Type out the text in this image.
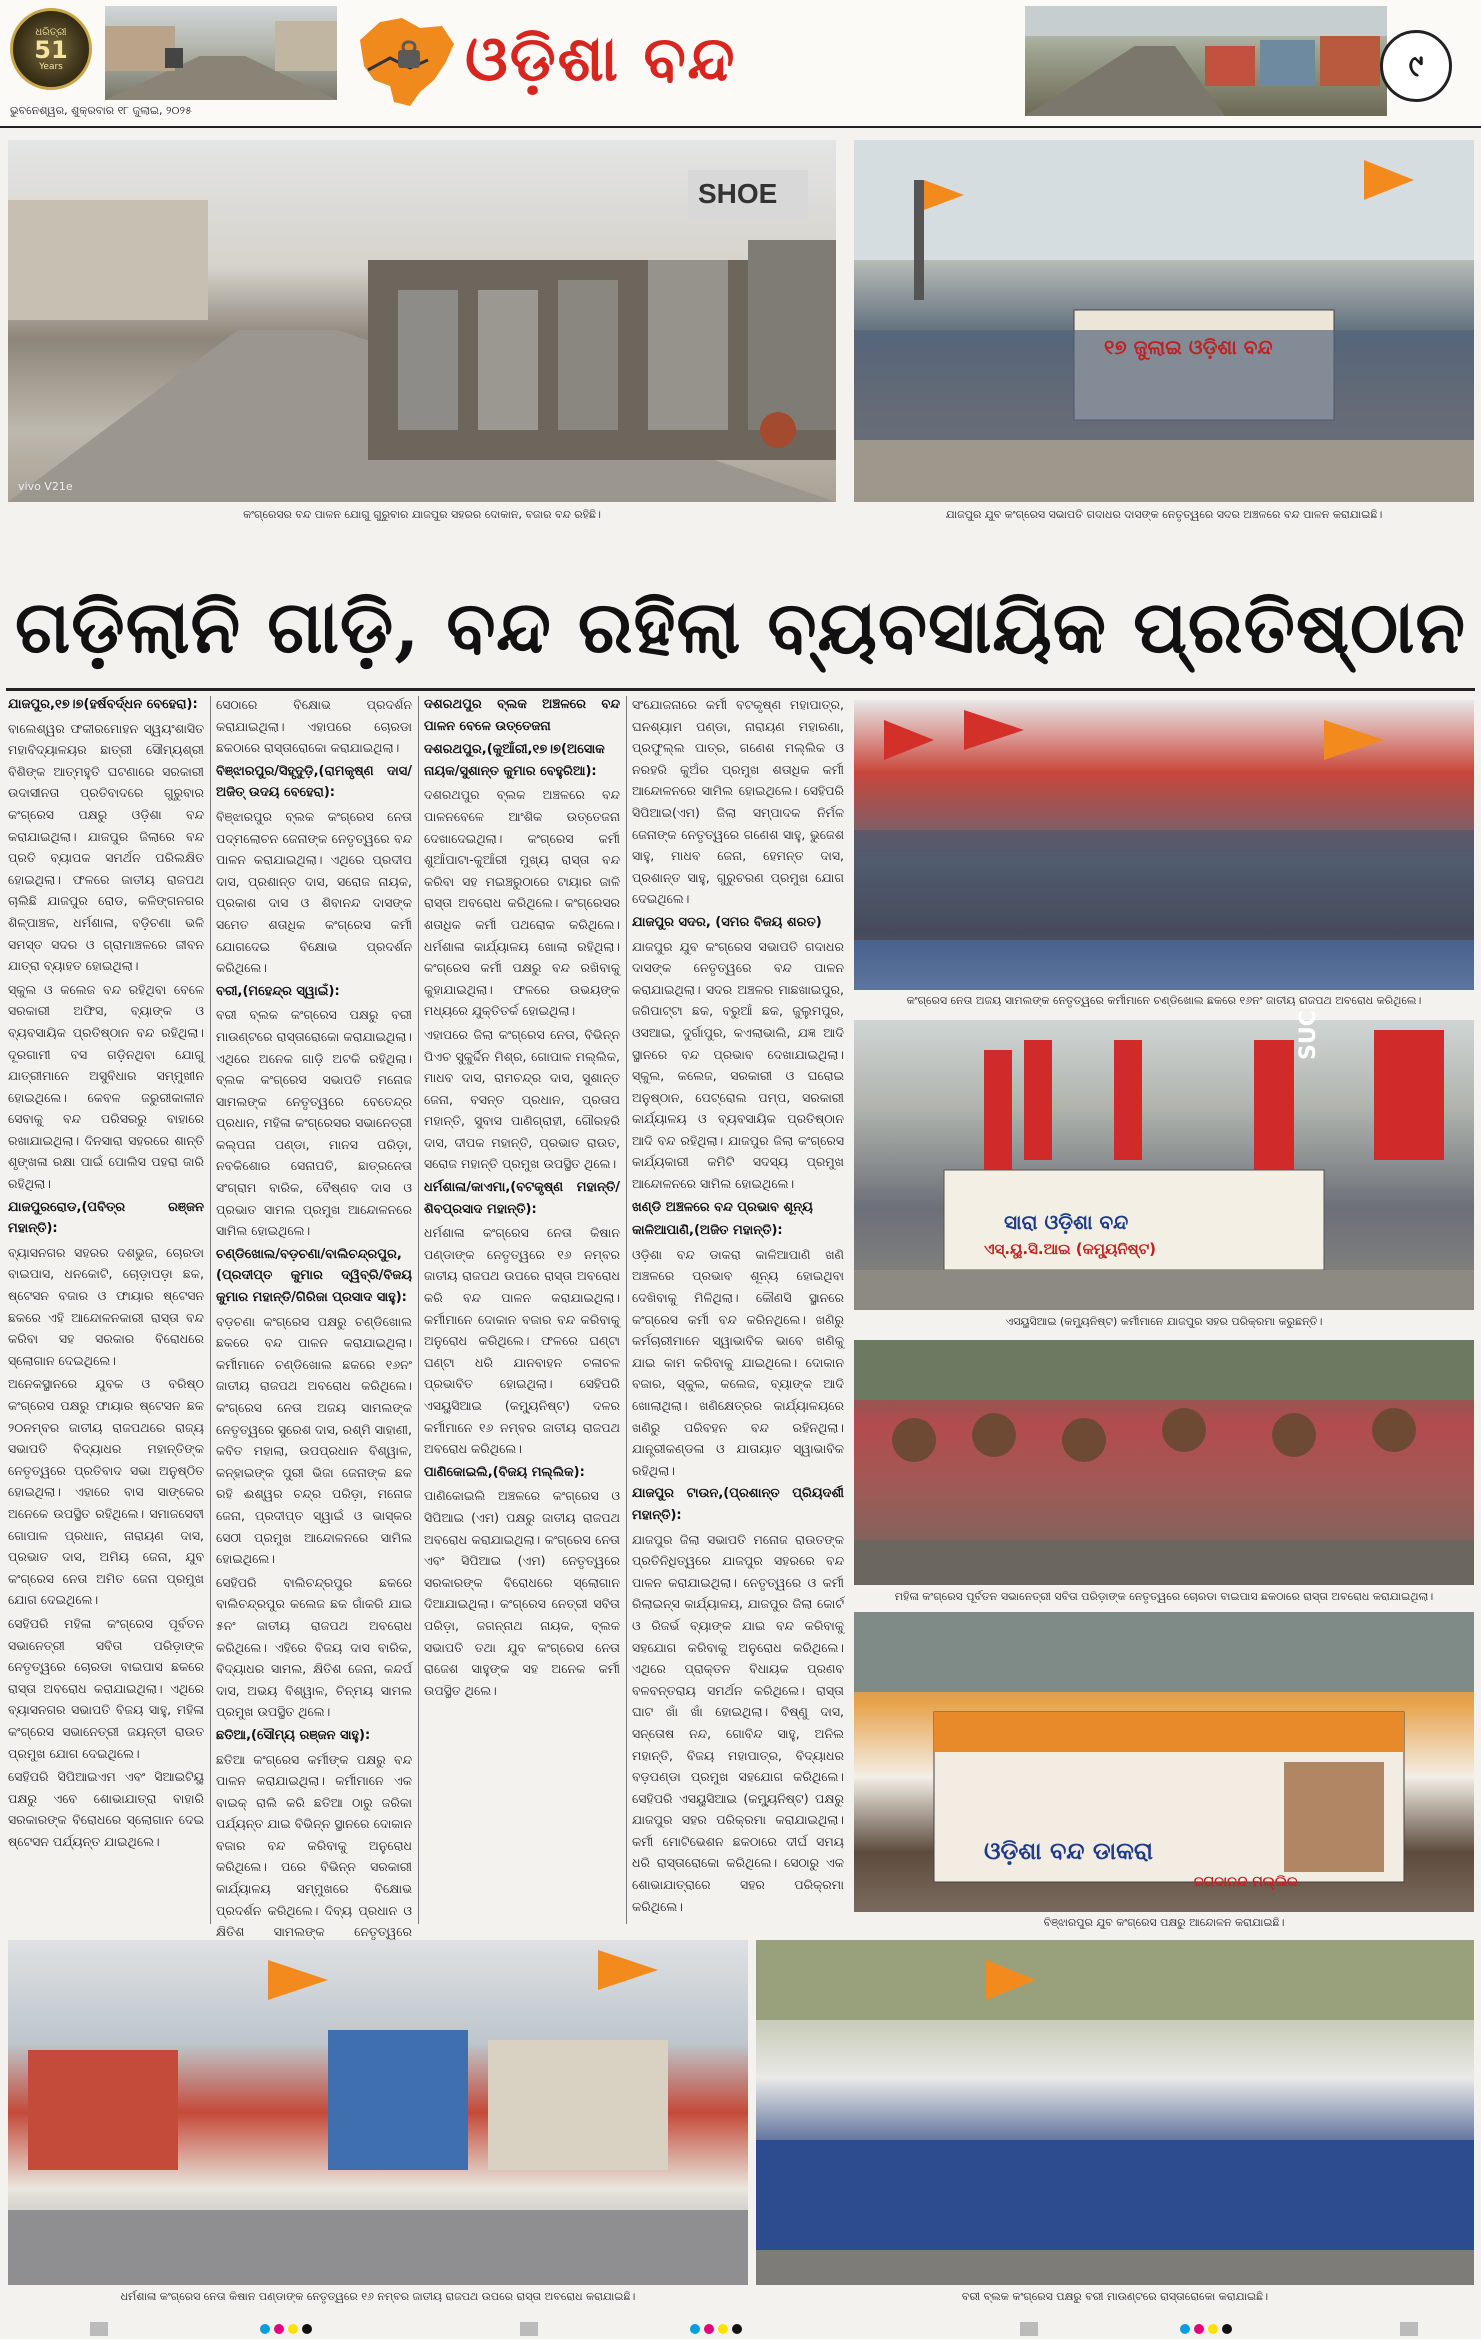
ଧରିତ୍ରୀ
51
Years
ଭୁବନେଶ୍ୱର, ଶୁକ୍ରବାର ୧୮ ଜୁଲାଇ, ୨୦୨୫
ଓଡ଼ିଶା ବନ୍ଦ	୯
SHOE
vivo V21e
କଂଗ୍ରେସର ବନ୍ଦ ପାଳନ ଯୋଗୁ ଗୁରୁବାର ଯାଜପୁର ସହରର ଦୋକାନ, ବଜାର ବନ୍ଦ ରହିଛି।
୧୭ ଜୁଲାଇ ଓଡ଼ିଶା ବନ୍ଦ
ଯାଜପୁର ଯୁବ କଂଗ୍ରେସ ସଭାପତି ଗଦାଧର ଦାସଙ୍କ ନେତୃତ୍ୱରେ ସଦର ଅଞ୍ଚଳରେ ବନ୍ଦ ପାଳନ କରାଯାଇଛି।
ଗଡ଼ିଲାନି ଗାଡ଼ି, ବନ୍ଦ ରହିଲା ବ୍ୟବସାୟିକ ପ୍ରତିଷ୍ଠାନ

ଯାଜପୁର,୧୭।୭(ହର୍ଷବର୍ଦ୍ଧନ ବେହେରା):

ବାଲେଶ୍ୱର ଫକୀରମୋହନ ସ୍ୱୟଂଶାସିତ ମହାବିଦ୍ୟାଳୟର ଛାତ୍ରୀ ସୌମ୍ୟଶ୍ରୀ ବିଶିଙ୍କ ଆତ୍ମହୁତି ଘଟଣାରେ ସରକାରୀ ଉଦାସୀନତା ପ୍ରତିବାଦରେ ଗୁରୁବାର କଂଗ୍ରେସ ପକ୍ଷରୁ ଓଡ଼ିଶା ବନ୍ଦ କରାଯାଇଥିଲା। ଯାଜପୁର ଜିଲାରେ ବନ୍ଦ ପ୍ରତି ବ୍ୟାପକ ସମର୍ଥନ ପରିଲକ୍ଷିତ ହୋଇଥିଲା। ଫଳରେ ଜାତୀୟ ରାଜପଥ ଚାଲିଛି ଯାଜପୁର ରୋଡ, କଳିଙ୍ଗନଗର ଶିଳ୍ପାଞ୍ଚଳ, ଧର୍ମଶାଳା, ବଡ଼ିଚଣା ଭଳି ସମସ୍ତ ସଦର ଓ ଗ୍ରାମାଞ୍ଚଳରେ ଜୀବନ ଯାତ୍ରା ବ୍ୟାହତ ହୋଇଥିଲା।

ସ୍କୁଲ ଓ କଲେଜ ବନ୍ଦ ରହିଥିବା ବେଳେ ସରକାରୀ ଅଫିସ, ବ୍ୟାଙ୍କ ଓ ବ୍ୟବସାୟିକ ପ୍ରତିଷ୍ଠାନ ବନ୍ଦ ରହିଥିଲା। ଦୂରଗାମୀ ବସ ଗଡ଼ିନଥିବା ଯୋଗୁ ଯାତ୍ରୀମାନେ ଅସୁବିଧାର ସମ୍ମୁଖୀନ ହୋଇଥିଲେ। କେବଳ ଜରୁରୀକାଳୀନ ସେବାକୁ ବନ୍ଦ ପରିସରରୁ ବାହାରେ ରଖାଯାଇଥିଲା। ଦିନସାରା ସହରରେ ଶାନ୍ତି ଶୃଙ୍ଖଳା ରକ୍ଷା ପାଇଁ ପୋଲିସ ପହରା ଜାରି ରହିଥିଲା।

ଯାଜପୁରରୋଡ,(ପବିତ୍ର ରଞ୍ଜନ ମହାନ୍ତି):

ବ୍ୟାସନଗର ସହରର ଦଶଭୁଜ, ଚୋରଡା ବାଇପାସ, ଧନକୋଟି, ଚୋଡ଼ାପଡ଼ା ଛକ, ଷ୍ଟେସନ ବଜାର ଓ ଫାୟାର ଷ୍ଟେସନ ଛକରେ ଏହି ଆନ୍ଦୋଳନକାରୀ ରାସ୍ତା ବନ୍ଦ କରିବା ସହ ସରକାର ବିରୋଧରେ ସ୍ଲୋଗାନ ଦେଇଥିଲେ।

ଅନେକସ୍ଥାନରେ ଯୁବକ ଓ ବରିଷ୍ଠ କଂଗ୍ରେସ ପକ୍ଷରୁ ଫାୟାର ଷ୍ଟେସନ ଛକ ୨୦ନମ୍ବର ଜାତୀୟ ରାଜପଥରେ ରାଜ୍ୟ ସଭାପତି ବିଦ୍ୟାଧର ମହାନ୍ତିଙ୍କ ନେତୃତ୍ୱରେ ପ୍ରତିବାଦ ସଭା ଅନୁଷ୍ଠିତ ହୋଇଥିଲା। ଏହାରେ ବାସ ସାଙ୍କେର ଅନେକେ ଉପସ୍ଥିତ ରହିଥିଲେ। ସମାଜସେବୀ ଗୋପାଳ ପ୍ରଧାନ, ନାରାୟଣ ଦାସ, ପ୍ରଭାତ ଦାସ, ଅମିୟ ଜେନା, ଯୁବ କଂଗ୍ରେସ ନେତା ଅମିତ ଜେନା ପ୍ରମୁଖ ଯୋଗ ଦେଇଥିଲେ।

ସେହିପରି ମହିଳା କଂଗ୍ରେସ ପୂର୍ବତନ ସଭାନେତ୍ରୀ ସବିତା ପରିଡ଼ାଙ୍କ ନେତୃତ୍ୱରେ ଚୋରଡା ବାଇପାସ ଛକରେ ରାସ୍ତା ଅବରୋଧ କରାଯାଇଥିଲା। ଏଥିରେ ବ୍ୟାସନଗର ସଭାପତି ବିଜୟ ସାହୁ, ମହିଳା କଂଗ୍ରେସ ସଭାନେତ୍ରୀ ଜୟନ୍ତୀ ରାଉତ ପ୍ରମୁଖ ଯୋଗ ଦେଇଥିଲେ।

ସେହିପରି ସିପିଆଇଏମ ଏବଂ ସିଆଇଟିୟୁ ପକ୍ଷରୁ ଏବେ ଶୋଭାଯାତ୍ରା ବାହାରି ସରକାରଙ୍କ ବିରୋଧରେ ସ୍ଲୋଗାନ ଦେଇ ଷ୍ଟେସନ ପର୍ଯ୍ୟନ୍ତ ଯାଇଥିଲେ।

ସେଠାରେ ବିକ୍ଷୋଭ ପ୍ରଦର୍ଶନ କରାଯାଇଥିଲା। ଏହାପରେ ଚୋରଡା ଛକଠାରେ ରାସ୍ତାରୋକୋ କରାଯାଇଥିଲା।

ବିଞ୍ଝାରପୁର/ସିହୃଦୁଡ଼ି,(ରାମକୃଷ୍ଣ ଦାସ/ଅଜିତ୍ ଉଦୟ ବେହେରା):

ବିଞ୍ଝାରପୁର ବ୍ଲକ କଂଗ୍ରେସ ନେତା ପଦ୍ମଲୋଚନ ଜେନାଙ୍କ ନେତୃତ୍ୱରେ ବନ୍ଦ ପାଳନ କରାଯାଇଥିଲା। ଏଥିରେ ପ୍ରଦୀପ ଦାସ, ପ୍ରଶାନ୍ତ ଦାସ, ସରୋଜ ନାୟକ, ପ୍ରକାଶ ଦାସ ଓ ଶିବାନନ୍ଦ ଦାସଙ୍କ ସମେତ ଶତାଧିକ କଂଗ୍ରେସ କର୍ମୀ ଯୋଗଦେଇ ବିକ୍ଷୋଭ ପ୍ରଦର୍ଶନ କରିଥିଲେ।

ବରୀ,(ମହେନ୍ଦ୍ର ସ୍ୱାଇଁ):

ବରୀ ବ୍ଲକ କଂଗ୍ରେସ ପକ୍ଷରୁ ବରୀ ମାଉଣ୍ଟରେ ରାସ୍ତାରୋକୋ କରାଯାଇଥିଲା। ଏଥିରେ ଅନେକ ଗାଡ଼ି ଅଟକି ରହିଥିଲା। ବ୍ଲକ କଂଗ୍ରେସ ସଭାପତି ମନୋଜ ସାମଲଙ୍କ ନେତୃତ୍ୱରେ ବେତେନ୍ଦ୍ର ପ୍ରଧାନ, ମହିଳା କଂଗ୍ରେସର ସଭାନେତ୍ରୀ କଲ୍ପନା ପଣ୍ଡା, ମାନସ ପରିଡ଼ା, ନବକିଶୋର ସେନାପତି, ଛାତ୍ରନେତା ସଂଗ୍ରାମ ବାରିକ, ବୈଷ୍ଣବ ଦାସ ଓ ପ୍ରଭାତ ସାମଲ ପ୍ରମୁଖ ଆନ୍ଦୋଳନରେ ସାମିଲ ହୋଇଥିଲେ।

ଚଣ୍ଡିଖୋଲ/ବଡ଼ଚଣା/ବାଲିଚନ୍ଦ୍ରପୁର,(ପ୍ରଦୀପ୍ତ କୁମାର ଦ୍ୱିବ୍ରି/ବିଜୟ କୁମାର ମହାନ୍ତି/ଗିରିଜା ପ୍ରସାଦ ସାହୁ):

ବଡ଼ଚଣା କଂଗ୍ରେସ ପକ୍ଷରୁ ଚଣ୍ଡିଖୋଲ ଛକରେ ବନ୍ଦ ପାଳନ କରାଯାଇଥିଲା। କର୍ମୀମାନେ ଚଣ୍ଡିଖୋଲ ଛକରେ ୧୬ନଂ ଜାତୀୟ ରାଜପଥ ଅବରୋଧ କରିଥିଲେ। କଂଗ୍ରେସ ନେତା ଅଜୟ ସାମଲଙ୍କ ନେତୃତ୍ୱରେ ସୁରେଶ ଦାସ, ରଶ୍ମି ସାହାଣୀ, କବିତ ମହାଲା, ଉପପ୍ରଧାନ ବିଶ୍ୱାଳ, କନ୍ହାଇଙ୍କ ପୁରୀ ଭିଜା ଜେନାଙ୍କ ଛକ ରହି ଈଶ୍ୱର ଚନ୍ଦ୍ର ପରିଡ଼ା, ମନୋଜ ଜେନା, ପ୍ରଦୀପ୍ତ ସ୍ୱାଇଁ ଓ ଭାସ୍କର ସେଠୀ ପ୍ରମୁଖ ଆନ୍ଦୋଳନରେ ସାମିଲ ହୋଇଥିଲେ।

ସେହିପରି ବାଲିଚନ୍ଦ୍ରପୁର ଛକରେ ବାଲିଚନ୍ଦ୍ରପୁର କଲେଜ ଛକ ଗାଁକରି ଯାଇ ୫ନଂ ଜାତୀୟ ରାଜପଥ ଅବରୋଧ କରିଥିଲେ। ଏହିରେ ବିଜୟ ଦାସ ବାରିକ, ବିଦ୍ୟାଧର ସାମଲ, କ୍ଷିତିଶ ଜେନା, କନ୍ଦର୍ପ ଦାସ, ଅଭୟ ବିଶ୍ୱାଳ, ଚିନ୍ମୟ ସାମଲ ପ୍ରମୁଖ ଉପସ୍ଥିତ ଥିଲେ।

ଛତିଆ,(ସୌମ୍ୟ ରଞ୍ଜନ ସାହୁ):

ଛତିଆ କଂଗ୍ରେସ କର୍ମୀଙ୍କ ପକ୍ଷରୁ ବନ୍ଦ ପାଳନ କରାଯାଇଥିଲା। କର୍ମୀମାନେ ଏକ ବାଇକ୍ ରାଲି କରି ଛତିଆ ଠାରୁ ଜରିକା ପର୍ଯ୍ୟନ୍ତ ଯାଇ ବିଭିନ୍ନ ସ୍ଥାନରେ ଦୋକାନ ବଜାର ବନ୍ଦ କରିବାକୁ ଅନୁରୋଧ କରିଥିଲେ। ପରେ ବିଭିନ୍ନ ସରକାରୀ କାର୍ଯ୍ୟାଳୟ ସମ୍ମୁଖରେ ବିକ୍ଷୋଭ ପ୍ରଦର୍ଶନ କରିଥିଲେ। ଦିବ୍ୟ ପ୍ରଧାନ ଓ କ୍ଷିତିଶ ସାମଲଙ୍କ ନେତୃତ୍ୱରେ

ଦଶରଥପୁର ବ୍ଲକ ଅଞ୍ଚଳରେ ବନ୍ଦ ପାଳନ ବେଳେ ଉତ୍ତେଜନା

ଦଶରଥପୁର,(କୁଆଁରୀ,୧୭।୭(ଅସୋକ ନାୟକ/ସୁଶାନ୍ତ କୁମାର ବେହୁରିଆ):

ଦଶରଥପୁର ବ୍ଲକ ଅଞ୍ଚଳରେ ବନ୍ଦ ପାଳନବେଳେ ଆଂଶିକ ଉତ୍ତେଜନା ଦେଖାଦେଇଥିଲା। କଂଗ୍ରେସ କର୍ମୀ ଶୁଆଁପାଟା-କୁଆଁରୀ ମୁଖ୍ୟ ରାସ୍ତା ବନ୍ଦ କରିବା ସହ ମଇଞ୍ଚରୁଠାରେ ଟାୟାର ଜାଳି ରାସ୍ତା ଅବରୋଧ କରିଥିଲେ। କଂଗ୍ରେସର ଶତାଧିକ କର୍ମୀ ପଥରୋକ କରିଥିଲେ। ଧର୍ମଶାଳା କାର୍ଯ୍ୟାଳୟ ଖୋଲା ରହିଥିଲା। କଂଗ୍ରେସ କର୍ମୀ ପକ୍ଷରୁ ବନ୍ଦ ରଖିବାକୁ କୁହାଯାଇଥିଲା। ଫଳରେ ଉଭୟଙ୍କ ମଧ୍ୟରେ ଯୁକ୍ତିତର୍କ ହୋଇଥିଲା।

ଏହାପରେ ଜିଲା କଂଗ୍ରେସ ନେତା, ବିଭିନ୍ନ ପିଏଚ ସୁକୁର୍ଦ୍ଦିନ ମିଶ୍ର, ଗୋପାଳ ମଲ୍ଲିକ, ମାଧବ ଦାସ, ରାମଚନ୍ଦ୍ର ଦାସ, ସୁଶାନ୍ତ ଜେନା, ବସନ୍ତ ପ୍ରଧାନ, ପ୍ରତାପ ମହାନ୍ତି, ସୁବାସ ପାଣିଗ୍ରାହୀ, ଗୌରହରି ଦାସ, ଦୀପକ ମହାନ୍ତି, ପ୍ରଭାତ ରାଉତ, ସରୋଜ ମହାନ୍ତି ପ୍ରମୁଖ ଉପସ୍ଥିତ ଥିଲେ।

ଧର୍ମଶାଳା/କାଏମା,(ବଟକୃଷ୍ଣ ମହାନ୍ତି/ଶିବପ୍ରସାଦ ମହାନ୍ତି):

ଧର୍ମଶାଳା କଂଗ୍ରେସ ନେତା କିଷାନ ପଣ୍ଡାଙ୍କ ନେତୃତ୍ୱରେ ୧୬ ନମ୍ବର ଜାତୀୟ ରାଜପଥ ଉପରେ ରାସ୍ତା ଅବରୋଧ କରି ବନ୍ଦ ପାଳନ କରାଯାଇଥିଲା। କର୍ମୀମାନେ ଦୋକାନ ବଜାର ବନ୍ଦ କରିବାକୁ ଅନୁରୋଧ କରିଥିଲେ। ଫଳରେ ଘଣ୍ଟା ଘଣ୍ଟା ଧରି ଯାନବାହନ ଚଳାଚଳ ପ୍ରଭାବିତ ହୋଇଥିଲା। ସେହିପରି ଏସୟୁସିଆଇ (କମ୍ୟୁନିଷ୍ଟ) ଦଳର କର୍ମୀମାନେ ୧୬ ନମ୍ବର ଜାତୀୟ ରାଜପଥ ଅବରୋଧ କରିଥିଲେ।

ପାଣିକୋଇଲି,(ବିଜୟ ମଲ୍ଲିକ):

ପାଣିକୋଇଲି ଅଞ୍ଚଳରେ କଂଗ୍ରେସ ଓ ସିପିଆଇ (ଏମ) ପକ୍ଷରୁ ଜାତୀୟ ରାଜପଥ ଅବରୋଧ କରାଯାଇଥିଲା। କଂଗ୍ରେସ ନେତା ଏବଂ ସିପିଆଇ (ଏମ) ନେତୃତ୍ୱରେ ସରକାରଙ୍କ ବିରୋଧରେ ସ୍ଲୋଗାନ ଦିଆଯାଇଥିଲା। କଂଗ୍ରେସ ନେତ୍ରୀ ସବିତା ପରିଡ଼ା, ଜଗନ୍ନାଥ ନାୟକ, ବ୍ଲକ ସଭାପତି ତଥା ଯୁବ କଂଗ୍ରେସ ନେତା ରାଜେଶ ସାହୁଙ୍କ ସହ ଅନେକ କର୍ମୀ ଉପସ୍ଥିତ ଥିଲେ।

ସଂଯୋଜନାରେ କର୍ମୀ ବଟକୃଷ୍ଣ ମହାପାତ୍ର, ଘନଶ୍ୟାମ ପଣ୍ଡା, ନାରାୟଣ ମହାରଣା, ପ୍ରଫୁଲ୍ଲ ପାତ୍ର, ଗଣେଶ ମଲ୍ଲିକ ଓ ନରହରି କୁଅଁର ପ୍ରମୁଖ ଶତାଧିକ କର୍ମୀ ଆନ୍ଦୋଳନରେ ସାମିଲ ହୋଇଥିଲେ। ସେହିପରି ସିପିଆଇ(ଏମ) ଜିଲା ସମ୍ପାଦକ ନିର୍ମଳ ଜେନାଙ୍କ ନେତୃତ୍ୱରେ ଗଣେଶ ସାହୁ, ଭୁଜେଶ ସାହୁ, ମାଧବ ଜେନା, ହେମନ୍ତ ଦାସ, ପ୍ରଶାନ୍ତ ସାହୁ, ଗୁରୁଚରଣ ପ୍ରମୁଖ ଯୋଗ ଦେଇଥିଲେ।

ଯାଜପୁର ସଦର, (ସମର ବିଜୟ ଶରତ)

ଯାଜପୁର ଯୁବ କଂଗ୍ରେସ ସଭାପତି ଗଦାଧର ଦାସଙ୍କ ନେତୃତ୍ୱରେ ବନ୍ଦ ପାଳନ କରାଯାଇଥିଲା। ସଦର ଅଞ୍ଚଳର ମାଛଖାଇପୁର, ଜଗିପାଟ୍ଟା ଛକ, ବରୁଆଁ ଛକ, ଜୁଲୁମପୁର, ଓସଆଇ, ଦୁର୍ଗାପୁର, କଏଲାଭାଲି, ଯଜ୍ଞ ଆଦି ସ୍ଥାନରେ ବନ୍ଦ ପ୍ରଭାବ ଦେଖାଯାଇଥିଲା। ସ୍କୁଲ, କଲେଜ, ସରକାରୀ ଓ ଘରୋଇ ଅନୁଷ୍ଠାନ, ପେଟ୍ରୋଲ ପମ୍ପ, ସରକାରୀ କାର୍ଯ୍ୟାଳୟ ଓ ବ୍ୟବସାୟିକ ପ୍ରତିଷ୍ଠାନ ଆଦି ବନ୍ଦ ରହିଥିଲା। ଯାଜପୁର ଜିଲା କଂଗ୍ରେସ କାର୍ଯ୍ୟକାରୀ କମିଟି ସଦସ୍ୟ ପ୍ରମୁଖ ଆନ୍ଦୋଳନରେ ସାମିଲ ହୋଇଥିଲେ।

ଖଣ୍ଡି ଅଞ୍ଚଳରେ ବନ୍ଦ ପ୍ରଭାବ ଶୂନ୍ୟ

କାଳିଆପାଣି,(ଅଜିତ ମହାନ୍ତି):

ଓଡ଼ିଶା ବନ୍ଦ ଡାକରା କାଳିଆପାଣି ଖଣି ଅଞ୍ଚଳରେ ପ୍ରଭାବ ଶୂନ୍ୟ ହୋଇଥିବା ଦେଖିବାକୁ ମିଳିଥିଲା। କୌଣସି ସ୍ଥାନରେ କଂଗ୍ରେସ କର୍ମୀ ବନ୍ଦ କରିନଥିଲେ। ଖଣିରୁ କର୍ମଚାରୀମାନେ ସ୍ୱାଭାବିକ ଭାବେ ଖଣିକୁ ଯାଇ କାମ କରିବାକୁ ଯାଇଥିଲେ। ଦୋକାନ ବଜାର, ସ୍କୁଲ, କଲେଜ, ବ୍ୟାଙ୍କ ଆଦି ଖୋଲାଥିଲା। ଖଣିକ୍ଷେତ୍ରର କାର୍ଯ୍ୟାଳୟରେ ଖଣିରୁ ପରିବହନ ବନ୍ଦ ରହିନଥିଲା। ଯାନ୍ତ୍ରୀକଣ୍ଡଳା ଓ ଯାତାୟାତ ସ୍ୱାଭାବିକ ରହିଥିଲା।

ଯାଜପୁର ଟାଉନ,(ପ୍ରଶାନ୍ତ ପ୍ରିୟଦର୍ଶୀ ମହାନ୍ତି):

ଯାଜପୁର ଜିଲା ସଭାପତି ମନୋଜ ରାଉତଙ୍କ ପ୍ରତିନିଧିତ୍ୱରେ ଯାଜପୁର ସହରରେ ବନ୍ଦ ପାଳନ କରାଯାଇଥିଲା। ନେତୃତ୍ୱରେ ଓ କର୍ମୀ ରିଲାଇନ୍ସ କାର୍ଯ୍ୟାଳୟ, ଯାଜପୁର ଜିଲା କୋର୍ଟ ଓ ରିଜର୍ଭ ବ୍ୟାଙ୍କ ଯାଇ ବନ୍ଦ କରିବାକୁ ସହଯୋଗ କରିବାକୁ ଅନୁରୋଧ କରିଥିଲେ। ଏଥିରେ ପ୍ରାକ୍ତନ ବିଧାୟକ ପ୍ରଣବ ବଳବନ୍ତରାୟ ସମର୍ଥନ କରିଥିଲେ। ରାସ୍ତା ଘାଟ ଖାଁ ଖାଁ ହୋଇଥିଲା। ବିଷ୍ଣୁ ଦାସ, ସନ୍ତୋଷ ନନ୍ଦ, ଗୋବିନ୍ଦ ସାହୁ, ଅନିଲ ମହାନ୍ତି, ବିଜୟ ମହାପାତ୍ର, ବିଦ୍ୟାଧର ବଡ଼ପଣ୍ଡା ପ୍ରମୁଖ ସହଯୋଗ କରିଥିଲେ। ସେହିପରି ଏସୟୁସିଆଇ (କମ୍ୟୁନିଷ୍ଟ) ପକ୍ଷରୁ ଯାଜପୁର ସହର ପରିକ୍ରମା କରାଯାଇଥିଲା। କର୍ମୀ ମୋଟିଭେଶନ ଛକଠାରେ ଦୀର୍ଘ ସମୟ ଧରି ରାସ୍ତାରୋକୋ କରିଥିଲେ। ସେଠାରୁ ଏକ ଶୋଭାଯାତ୍ରାରେ ସହର ପରିକ୍ରମା କରିଥିଲେ।

କଂଗ୍ରେସ ନେତା ଅଜୟ ସାମଲଙ୍କ ନେତୃତ୍ୱରେ କର୍ମୀମାନେ ଚଣ୍ଡିଖୋଲ ଛକରେ ୧୬ନଂ ଜାତୀୟ ରାଜପଥ ଅବରୋଧ କରିଥିଲେ।
SUCI
ସାରା ଓଡ଼ିଶା ବନ୍ଦ
ଏସ୍.ୟୁ.ସି.ଆଇ (କମ୍ୟୁନିଷ୍ଟ)
ଏସୟୁସିଆଇ (କମ୍ୟୁନିଷ୍ଟ) କର୍ମୀମାନେ ଯାଜପୁର ସହର ପରିକ୍ରମା କରୁଛନ୍ତି।
ମହିଳା କଂଗ୍ରେସ ପୂର୍ବତନ ସଭାନେତ୍ରୀ ସବିତା ପରିଡ଼ାଙ୍କ ନେତୃତ୍ୱରେ ଚୋରଡା ବାଇପାସ ଛକଠାରେ ରାସ୍ତା ଅବରୋଧ କରାଯାଇଥିଲା।
ଓଡ଼ିଶା ବନ୍ଦ ଡାକରା
ଜଗଦାନନ୍ଦ ମଲ୍ଲିକ
ବିଞ୍ଝାରପୁର ଯୁବ କଂଗ୍ରେସ ପକ୍ଷରୁ ଆନ୍ଦୋଳନ କରାଯାଇଛି।
ଧର୍ମଶାଳା କଂଗ୍ରେସ ନେତା କିଷାନ ପଣ୍ଡାଙ୍କ ନେତୃତ୍ୱରେ ୧୬ ନମ୍ବର ଜାତୀୟ ରାଜପଥ ଉପରେ ରାସ୍ତା ଅବରୋଧ କରାଯାଇଛି।	ବରୀ ବ୍ଲକ କଂଗ୍ରେସ ପକ୍ଷରୁ ବରୀ ମାଉଣ୍ଟରେ ରାସ୍ତାରୋକୋ କରାଯାଇଛି।
